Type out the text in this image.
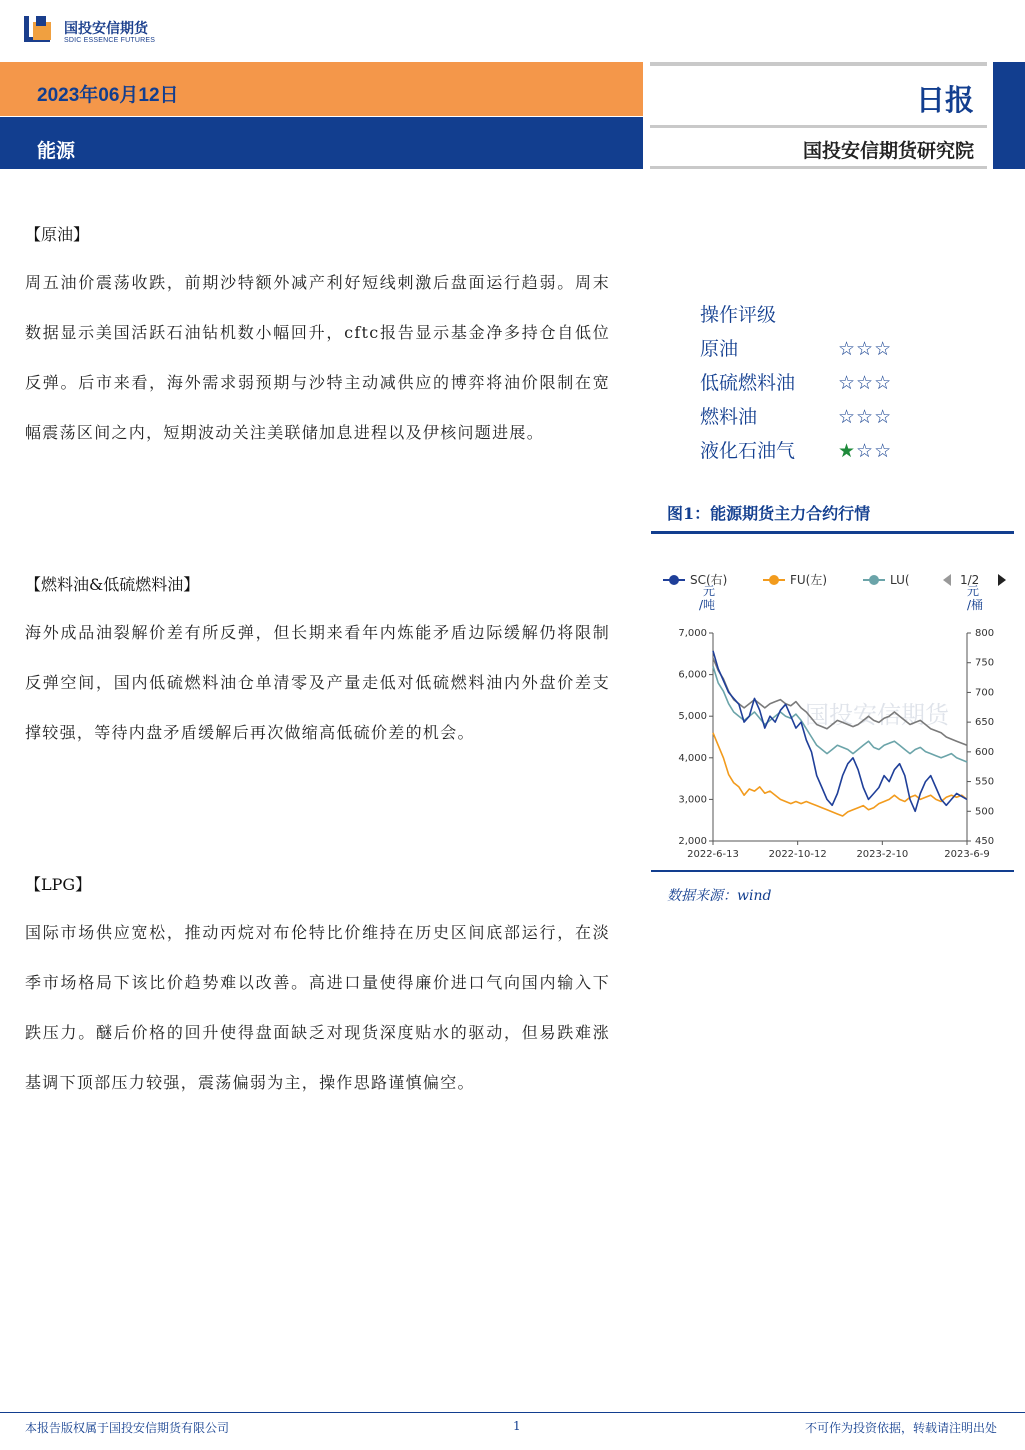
国投安信期货
SDIC ESSENCE FUTURES
2023年06月12日
能源
日报
国投安信期货研究院
【原油】
周五油价震荡收跌，前期沙特额外减产利好短线刺激后盘面运行趋弱。周末数据显示美国活跃石油钻机数小幅回升，cftc报告显示基金净多持仓自低位反弹。后市来看，海外需求弱预期与沙特主动减供应的博弈将油价限制在宽幅震荡区间之内，短期波动关注美联储加息进程以及伊核问题进展。
【燃料油&低硫燃料油】
海外成品油裂解价差有所反弹，但长期来看年内炼能矛盾边际缓解仍将限制反弹空间，国内低硫燃料油仓单清零及产量走低对低硫燃料油内外盘价差支撑较强，等待内盘矛盾缓解后再次做缩高低硫价差的机会。
【LPG】
国际市场供应宽松，推动丙烷对布伦特比价维持在历史区间底部运行，在淡季市场格局下该比价趋势难以改善。高进口量使得廉价进口气向国内输入下跌压力。醚后价格的回升使得盘面缺乏对现货深度贴水的驱动，但易跌难涨基调下顶部压力较强，震荡偏弱为主，操作思路谨慎偏空。
操作评级
原油	☆☆☆
低硫燃料油	☆☆☆
燃料油	☆☆☆
液化石油气	★☆☆
图1：能源期货主力合约行情
SC(右)	FU(左)	LU(	1/2
元
/吨
元
/桶
7,000
6,000
5,000
4,000
3,000
2,000
800
750
700
650
600
550
500
450
2022-6-13	2022-10-12	2023-2-10	2023-6-9
国投安信期货
数据来源：wind
本报告版权属于国投安信期货有限公司	1	不可作为投资依据，转载请注明出处
